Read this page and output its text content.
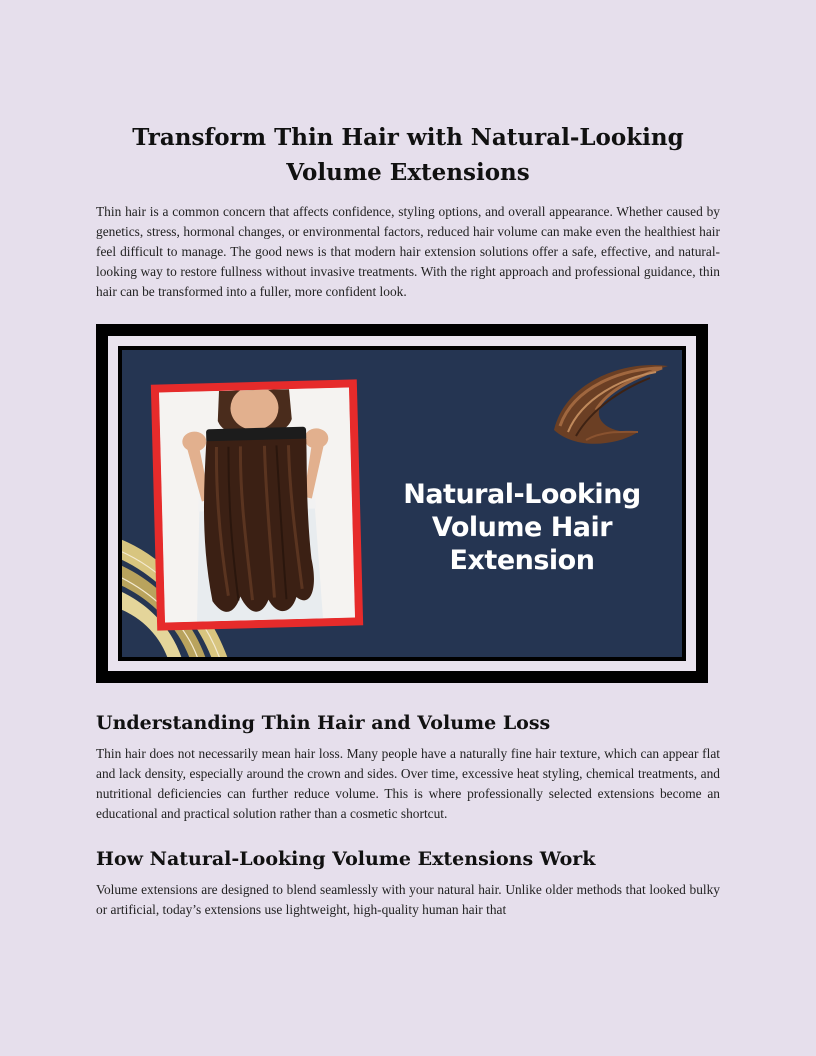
Transform Thin Hair with Natural-Looking Volume Extensions

Thin hair is a common concern that affects confidence, styling options, and overall appearance. Whether caused by genetics, stress, hormonal changes, or environmental factors, reduced hair volume can make even the healthiest hair feel difficult to manage. The good news is that modern hair extension solutions offer a safe, effective, and natural-looking way to restore fullness without invasive treatments. With the right approach and professional guidance, thin hair can be transformed into a fuller, more confident look.

Natural-Looking
Volume Hair
Extension
Understanding Thin Hair and Volume Loss

Thin hair does not necessarily mean hair loss. Many people have a naturally fine hair texture, which can appear flat and lack density, especially around the crown and sides. Over time, excessive heat styling, chemical treatments, and nutritional deficiencies can further reduce volume. This is where professionally selected extensions become an educational and practical solution rather than a cosmetic shortcut.

How Natural-Looking Volume Extensions Work

Volume extensions are designed to blend seamlessly with your natural hair. Unlike older methods that looked bulky or artificial, today’s extensions use lightweight, high-quality human hair that
